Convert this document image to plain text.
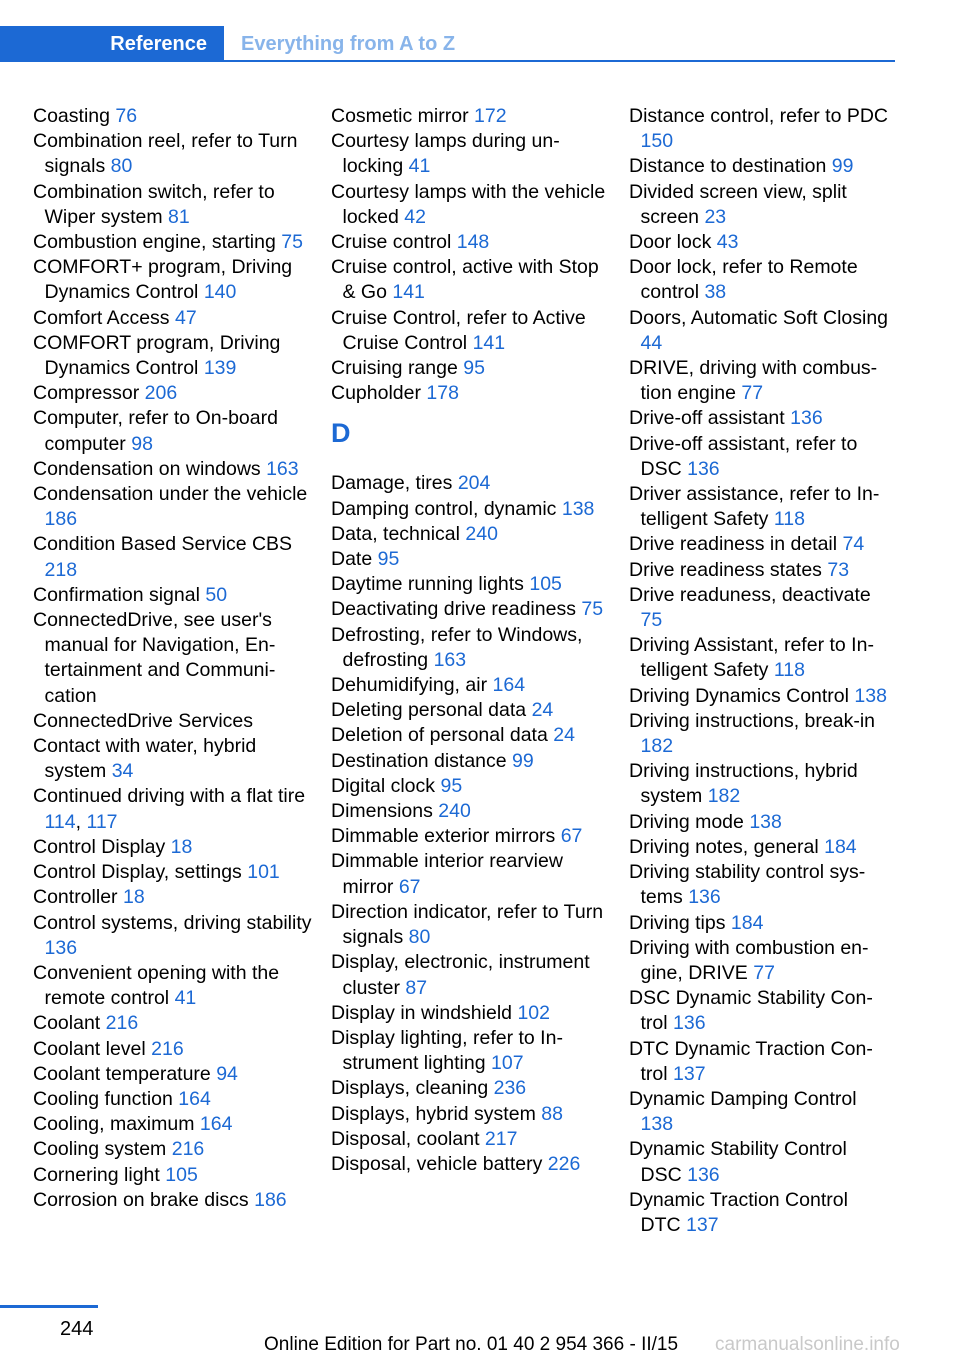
Reference	Everything from A to Z
Coasting 76
Combination reel, refer to Turn signals 80
Combination switch, refer to Wiper system 81
Combustion engine, starting 75
COMFORT+ program, Driving Dynamics Control 140
Comfort Access 47
COMFORT program, Driving Dynamics Control 139
Compressor 206
Computer, refer to On-board computer 98
Condensation on windows 163
Condensation under the vehicle 186
Condition Based Service CBS 218
Confirmation signal 50
ConnectedDrive, see user's manual for Navigation, Entertainment and Communication
ConnectedDrive Services
Contact with water, hybrid system 34
Continued driving with a flat tire 114, 117
Control Display 18
Control Display, settings 101
Controller 18
Control systems, driving stability 136
Convenient opening with the remote control 41
Coolant 216
Coolant level 216
Coolant temperature 94
Cooling function 164
Cooling, maximum 164
Cooling system 216
Cornering light 105
Corrosion on brake discs 186
Cosmetic mirror 172
Courtesy lamps during unlocking 41
Courtesy lamps with the vehicle locked 42
Cruise control 148
Cruise control, active with Stop & Go 141
Cruise Control, refer to Active Cruise Control 141
Cruising range 95
Cupholder 178
D
Damage, tires 204
Damping control, dynamic 138
Data, technical 240
Date 95
Daytime running lights 105
Deactivating drive readiness 75
Defrosting, refer to Windows, defrosting 163
Dehumidifying, air 164
Deleting personal data 24
Deletion of personal data 24
Destination distance 99
Digital clock 95
Dimensions 240
Dimmable exterior mirrors 67
Dimmable interior rearview mirror 67
Direction indicator, refer to Turn signals 80
Display, electronic, instrument cluster 87
Display in windshield 102
Display lighting, refer to Instrument lighting 107
Displays, cleaning 236
Displays, hybrid system 88
Disposal, coolant 217
Disposal, vehicle battery 226
Distance control, refer to PDC 150
Distance to destination 99
Divided screen view, split screen 23
Door lock 43
Door lock, refer to Remote control 38
Doors, Automatic Soft Closing 44
DRIVE, driving with combustion engine 77
Drive-off assistant 136
Drive-off assistant, refer to DSC 136
Driver assistance, refer to Intelligent Safety 118
Drive readiness in detail 74
Drive readiness states 73
Drive readuness, deactivate 75
Driving Assistant, refer to Intelligent Safety 118
Driving Dynamics Control 138
Driving instructions, break-in 182
Driving instructions, hybrid system 182
Driving mode 138
Driving notes, general 184
Driving stability control systems 136
Driving tips 184
Driving with combustion engine, DRIVE 77
DSC Dynamic Stability Control 136
DTC Dynamic Traction Control 137
Dynamic Damping Control 138
Dynamic Stability Control DSC 136
Dynamic Traction Control DTC 137
244
Online Edition for Part no. 01 40 2 954 366 - II/15 carmanualsonline.info
